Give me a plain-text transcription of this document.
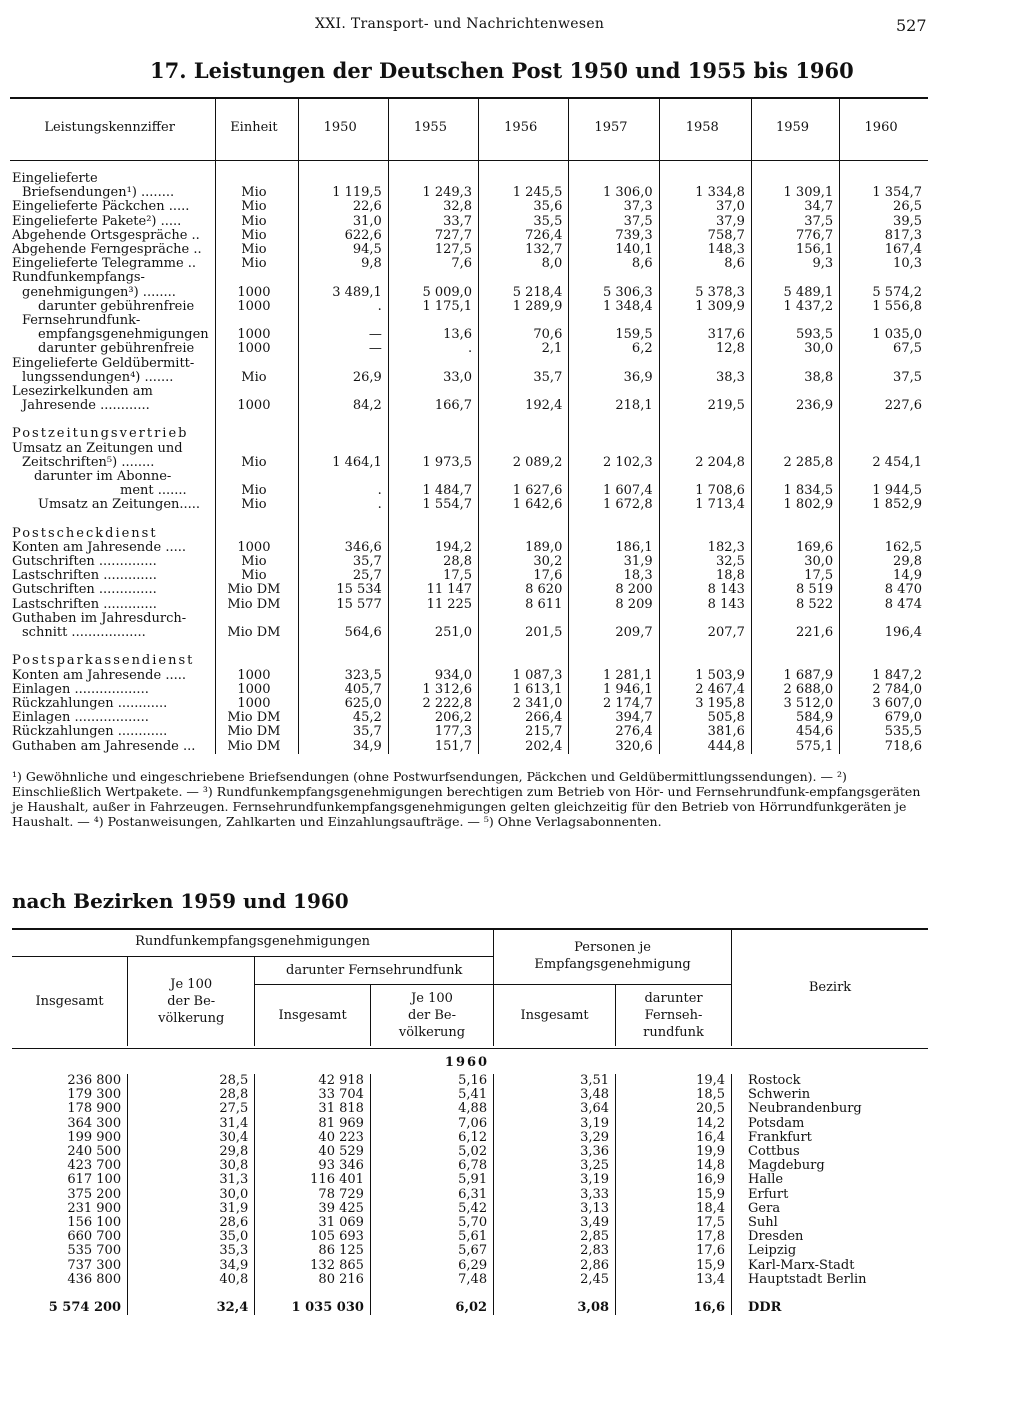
XXI. Transport- und Nachrichtenwesen	527
17. Leistungen der Deutschen Post 1950 und 1955 bis 1960
Leistungskennziffer	Einheit	1950	1955	1956	1957	1958	1959	1960

Eingelieferte								
Briefsendungen¹) ........	Mio	1 119,5	1 249,3	1 245,5	1 306,0	1 334,8	1 309,1	1 354,7
Eingelieferte Päckchen .....	Mio	22,6	32,8	35,6	37,3	37,0	34,7	26,5
Eingelieferte Pakete²) .....	Mio	31,0	33,7	35,5	37,5	37,9	37,5	39,5
Abgehende Ortsgespräche ..	Mio	622,6	727,7	726,4	739,3	758,7	776,7	817,3
Abgehende Ferngespräche ..	Mio	94,5	127,5	132,7	140,1	148,3	156,1	167,4
Eingelieferte Telegramme ..	Mio	9,8	7,6	8,0	8,6	8,6	9,3	10,3
Rundfunkempfangs-								
genehmigungen³) ........	1000	3 489,1	5 009,0	5 218,4	5 306,3	5 378,3	5 489,1	5 574,2
darunter gebührenfreie	1000	.	1 175,1	1 289,9	1 348,4	1 309,9	1 437,2	1 556,8
Fernsehrundfunk-								
empfangsgenehmigungen	1000	—	13,6	70,6	159,5	317,6	593,5	1 035,0
darunter gebührenfreie	1000	—	.	2,1	6,2	12,8	30,0	67,5
Eingelieferte Geldübermitt-								
lungssendungen⁴) .......	Mio	26,9	33,0	35,7	36,9	38,3	38,8	37,5
Lesezirkelkunden am								
Jahresende ............	1000	84,2	166,7	192,4	218,1	219,5	236,9	227,6

Postzeitungsvertrieb								
Umsatz an Zeitungen und								
Zeitschriften⁵) ........	Mio	1 464,1	1 973,5	2 089,2	2 102,3	2 204,8	2 285,8	2 454,1
darunter im Abonne-								
ment .......	Mio	.	1 484,7	1 627,6	1 607,4	1 708,6	1 834,5	1 944,5
Umsatz an Zeitungen.....	Mio	.	1 554,7	1 642,6	1 672,8	1 713,4	1 802,9	1 852,9

Postscheckdienst								
Konten am Jahresende .....	1000	346,6	194,2	189,0	186,1	182,3	169,6	162,5
Gutschriften ..............	Mio	35,7	28,8	30,2	31,9	32,5	30,0	29,8
Lastschriften .............	Mio	25,7	17,5	17,6	18,3	18,8	17,5	14,9
Gutschriften ..............	Mio DM	15 534	11 147	8 620	8 200	8 143	8 519	8 470
Lastschriften .............	Mio DM	15 577	11 225	8 611	8 209	8 143	8 522	8 474
Guthaben im Jahresdurch-								
schnitt ..................	Mio DM	564,6	251,0	201,5	209,7	207,7	221,6	196,4

Postsparkassendienst								
Konten am Jahresende .....	1000	323,5	934,0	1 087,3	1 281,1	1 503,9	1 687,9	1 847,2
Einlagen ..................	1000	405,7	1 312,6	1 613,1	1 946,1	2 467,4	2 688,0	2 784,0
Rückzahlungen ............	1000	625,0	2 222,8	2 341,0	2 174,7	3 195,8	3 512,0	3 607,0
Einlagen ..................	Mio DM	45,2	206,2	266,4	394,7	505,8	584,9	679,0
Rückzahlungen ............	Mio DM	35,7	177,3	215,7	276,4	381,6	454,6	535,5
Guthaben am Jahresende ...	Mio DM	34,9	151,7	202,4	320,6	444,8	575,1	718,6

¹) Gewöhnliche und eingeschriebene Briefsendungen (ohne Postwurfsendungen, Päckchen und Geldübermittlungssendungen). — ²) Einschließlich Wertpakete. — ³) Rundfunkempfangsgenehmigungen berechtigen zum Betrieb von Hör- und Fernsehrundfunk-empfangsgeräten je Haushalt, außer in Fahrzeugen. Fernsehrundfunkempfangsgenehmigungen gelten gleichzeitig für den Betrieb von Hörrundfunkgeräten je Haushalt. — ⁴) Postanweisungen, Zahlkarten und Einzahlungsaufträge. — ⁵) Ohne Verlagsabonnenten.

nach Bezirken 1959 und 1960
Rundfunkempfangsgenehmigungen				Personen je Empfangsgenehmigung		Bezirk
Insgesamt	Je 100 der Be- völkerung	darunter Fernsehrundfunk				
		Insgesamt	Je 100 der Be- völkerung	Insgesamt	darunter Fernseh- rundfunk	
1960						

236 800	28,5	42 918	5,16	3,51	19,4	Rostock
179 300	28,8	33 704	5,41	3,48	18,5	Schwerin
178 900	27,5	31 818	4,88	3,64	20,5	Neubrandenburg
364 300	31,4	81 969	7,06	3,19	14,2	Potsdam
199 900	30,4	40 223	6,12	3,29	16,4	Frankfurt
240 500	29,8	40 529	5,02	3,36	19,9	Cottbus
423 700	30,8	93 346	6,78	3,25	14,8	Magdeburg
617 100	31,3	116 401	5,91	3,19	16,9	Halle
375 200	30,0	78 729	6,31	3,33	15,9	Erfurt
231 900	31,9	39 425	5,42	3,13	18,4	Gera
156 100	28,6	31 069	5,70	3,49	17,5	Suhl
660 700	35,0	105 693	5,61	2,85	17,8	Dresden
535 700	35,3	86 125	5,67	2,83	17,6	Leipzig
737 300	34,9	132 865	6,29	2,86	15,9	Karl-Marx-Stadt
436 800	40,8	80 216	7,48	2,45	13,4	Hauptstadt Berlin
5 574 200	32,4	1 035 030	6,02	3,08	16,6	DDR
